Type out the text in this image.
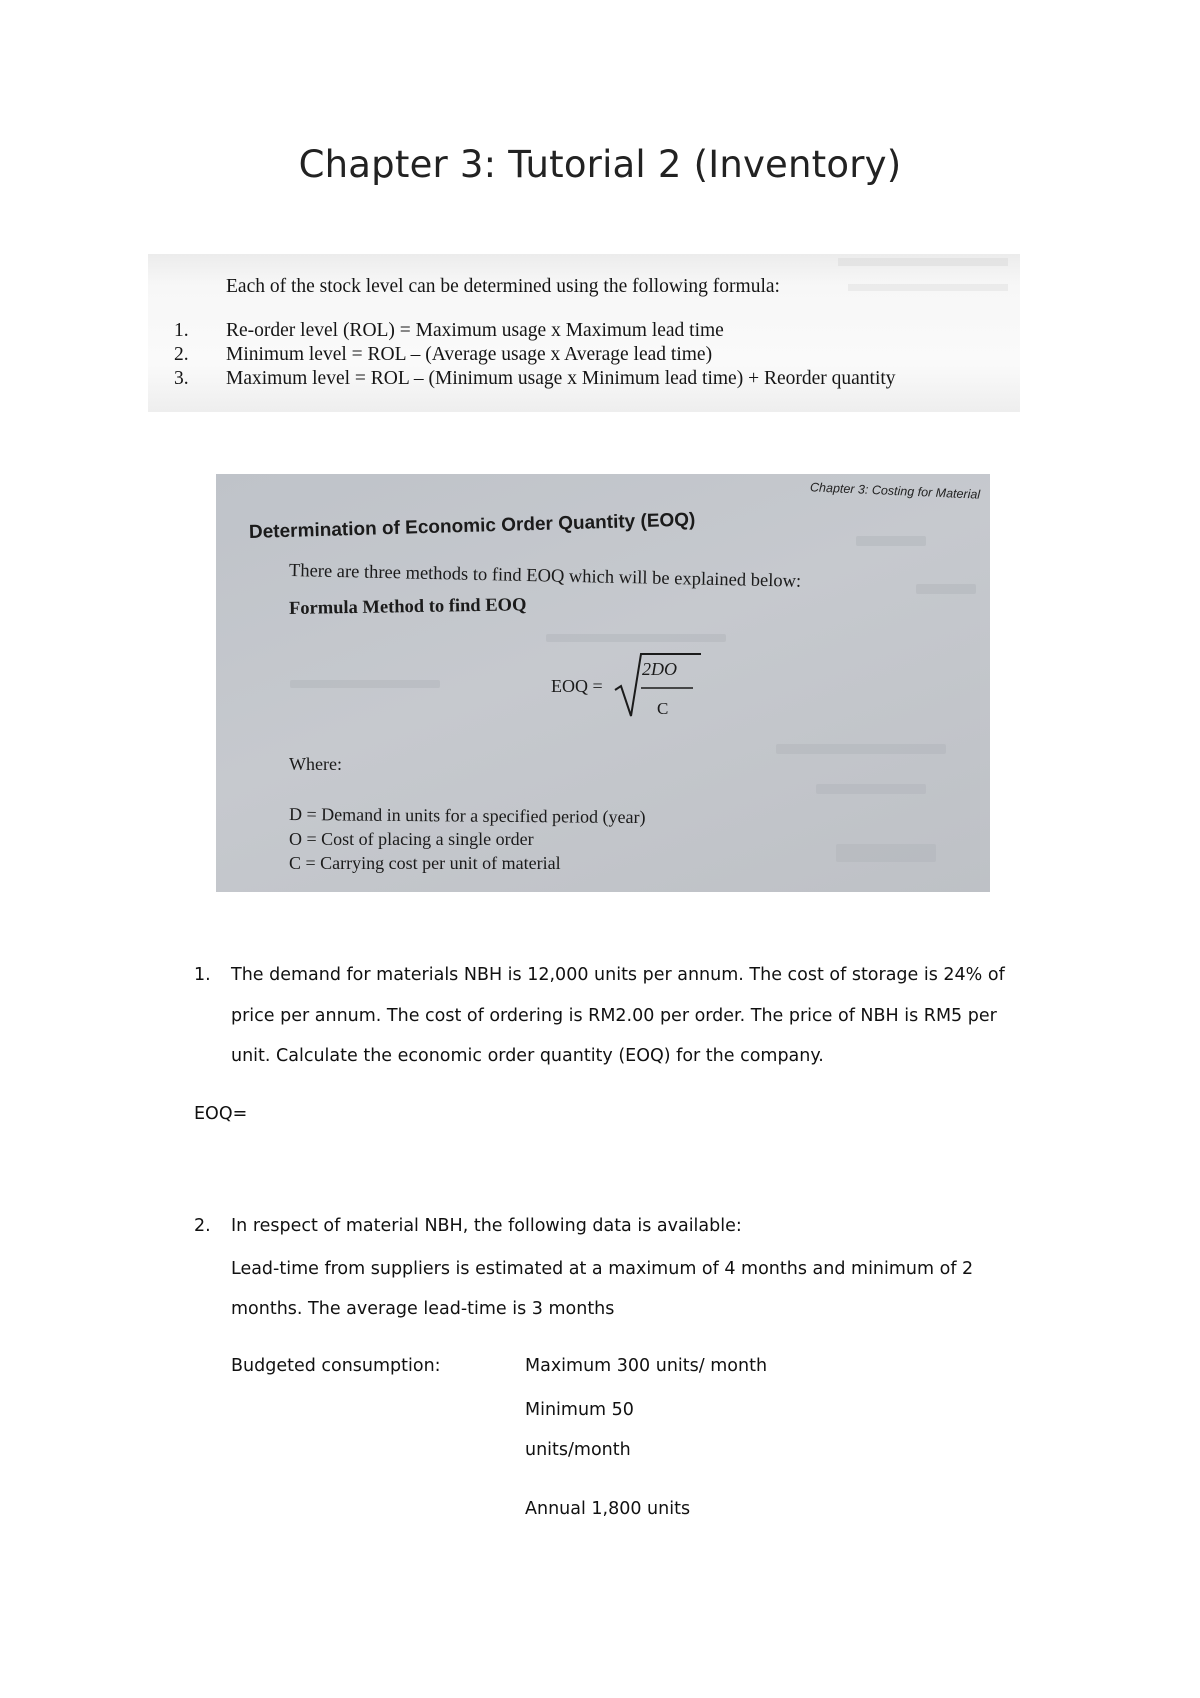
Chapter 3: Tutorial 2 (Inventory)
Each of the stock level can be determined using the following formula:
1. Re-order level (ROL) = Maximum usage x Maximum lead time
2. Minimum level = ROL – (Average usage x Average lead time)
3. Maximum level = ROL – (Minimum usage x Minimum lead time) + Reorder quantity
Chapter 3: Costing for Material
Determination of Economic Order Quantity (EOQ)
There are three methods to find EOQ which will be explained below:
Formula Method to find EOQ
EOQ =
2DO
C
Where:
D = Demand in units for a specified period (year)
O = Cost of placing a single order
C = Carrying cost per unit of material
1. The demand for materials NBH is 12,000 units per annum. The cost of storage is 24% of
price per annum. The cost of ordering is RM2.00 per order. The price of NBH is RM5 per
unit. Calculate the economic order quantity (EOQ) for the company.
EOQ=
2. In respect of material NBH, the following data is available:
Lead-time from suppliers is estimated at a maximum of 4 months and minimum of 2
months. The average lead-time is 3 months
Budgeted consumption:	Maximum 300 units/ month
Minimum 50
units/month
Annual 1,800 units
